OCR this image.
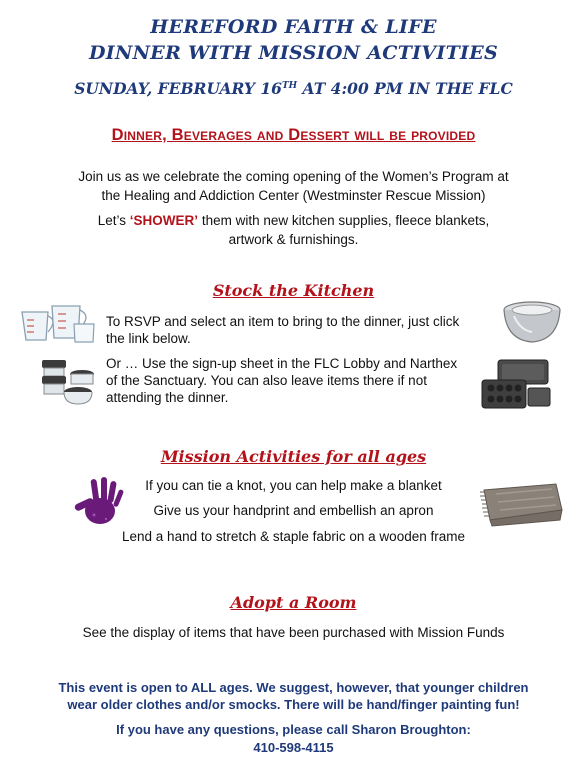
HEREFORD FAITH & LIFE
DINNER WITH MISSION ACTIVITIES
SUNDAY, FEBRUARY 16TH AT 4:00 PM IN THE FLC
Dinner, Beverages and Dessert will be provided
Join us as we celebrate the coming opening of the Women’s Program at
the Healing and Addiction Center (Westminster Rescue Mission)
Let’s ‘SHOWER’ them with new kitchen supplies, fleece blankets,
artwork & furnishings.
Stock the Kitchen
To RSVP and select an item to bring to the dinner, just click
the link below.
Or … Use the sign-up sheet in the FLC Lobby and Narthex
of the Sanctuary. You can also leave items there if not
attending the dinner.
Mission Activities for all ages
If you can tie a knot, you can help make a blanket
Give us your handprint and embellish an apron
Lend a hand to stretch & staple fabric on a wooden frame
Adopt a Room
See the display of items that have been purchased with Mission Funds
This event is open to ALL ages. We suggest, however, that younger children
wear older clothes and/or smocks. There will be hand/finger painting fun!
If you have any questions, please call Sharon Broughton:
410-598-4115
